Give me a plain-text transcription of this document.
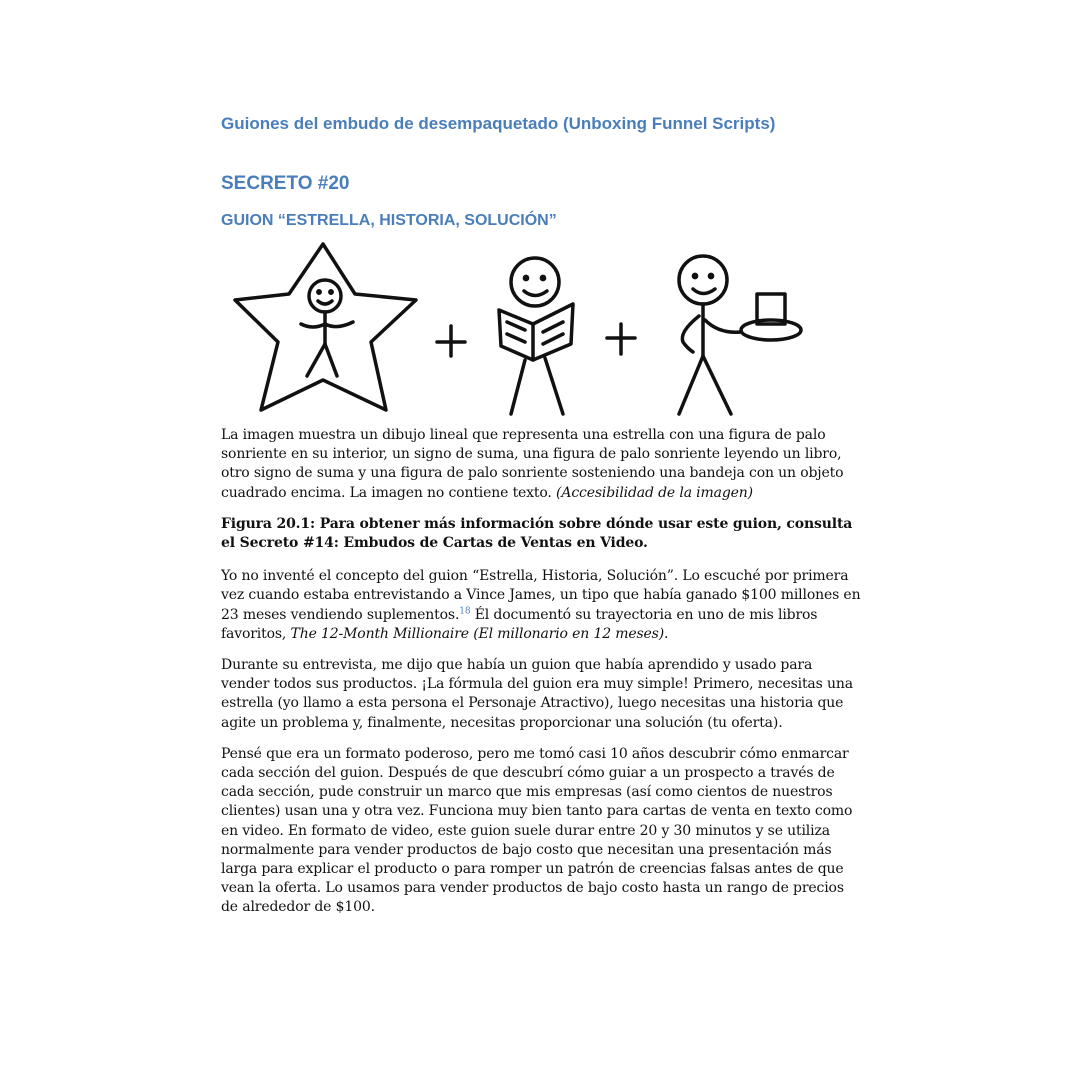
Guiones del embudo de desempaquetado (Unboxing Funnel Scripts)
SECRETO #20
GUION “ESTRELLA, HISTORIA, SOLUCIÓN”

La imagen muestra un dibujo lineal que representa una estrella con una figura de palo sonriente en su interior, un signo de suma, una figura de palo sonriente leyendo un libro, otro signo de suma y una figura de palo sonriente sosteniendo una bandeja con un objeto cuadrado encima. La imagen no contiene texto. (Accesibilidad de la imagen)

Figura 20.1: Para obtener más información sobre dónde usar este guion, consulta el Secreto #14: Embudos de Cartas de Ventas en Video.

Yo no inventé el concepto del guion “Estrella, Historia, Solución”. Lo escuché por primera vez cuando estaba entrevistando a Vince James, un tipo que había ganado $100 millones en 23 meses vendiendo suplementos.$^{18}$ Él documentó su trayectoria en uno de mis libros favoritos, The 12-Month Millionaire (El millonario en 12 meses).

Durante su entrevista, me dijo que había un guion que había aprendido y usado para vender todos sus productos. ¡La fórmula del guion era muy simple! Primero, necesitas una estrella (yo llamo a esta persona el Personaje Atractivo), luego necesitas una historia que agite un problema y, finalmente, necesitas proporcionar una solución (tu oferta).

Pensé que era un formato poderoso, pero me tomó casi 10 años descubrir cómo enmarcar cada sección del guion. Después de que descubrí cómo guiar a un prospecto a través de cada sección, pude construir un marco que mis empresas (así como cientos de nuestros clientes) usan una y otra vez. Funciona muy bien tanto para cartas de venta en texto como en video. En formato de video, este guion suele durar entre 20 y 30 minutos y se utiliza normalmente para vender productos de bajo costo que necesitan una presentación más larga para explicar el producto o para romper un patrón de creencias falsas antes de que vean la oferta. Lo usamos para vender productos de bajo costo hasta un rango de precios de alrededor de $100.
